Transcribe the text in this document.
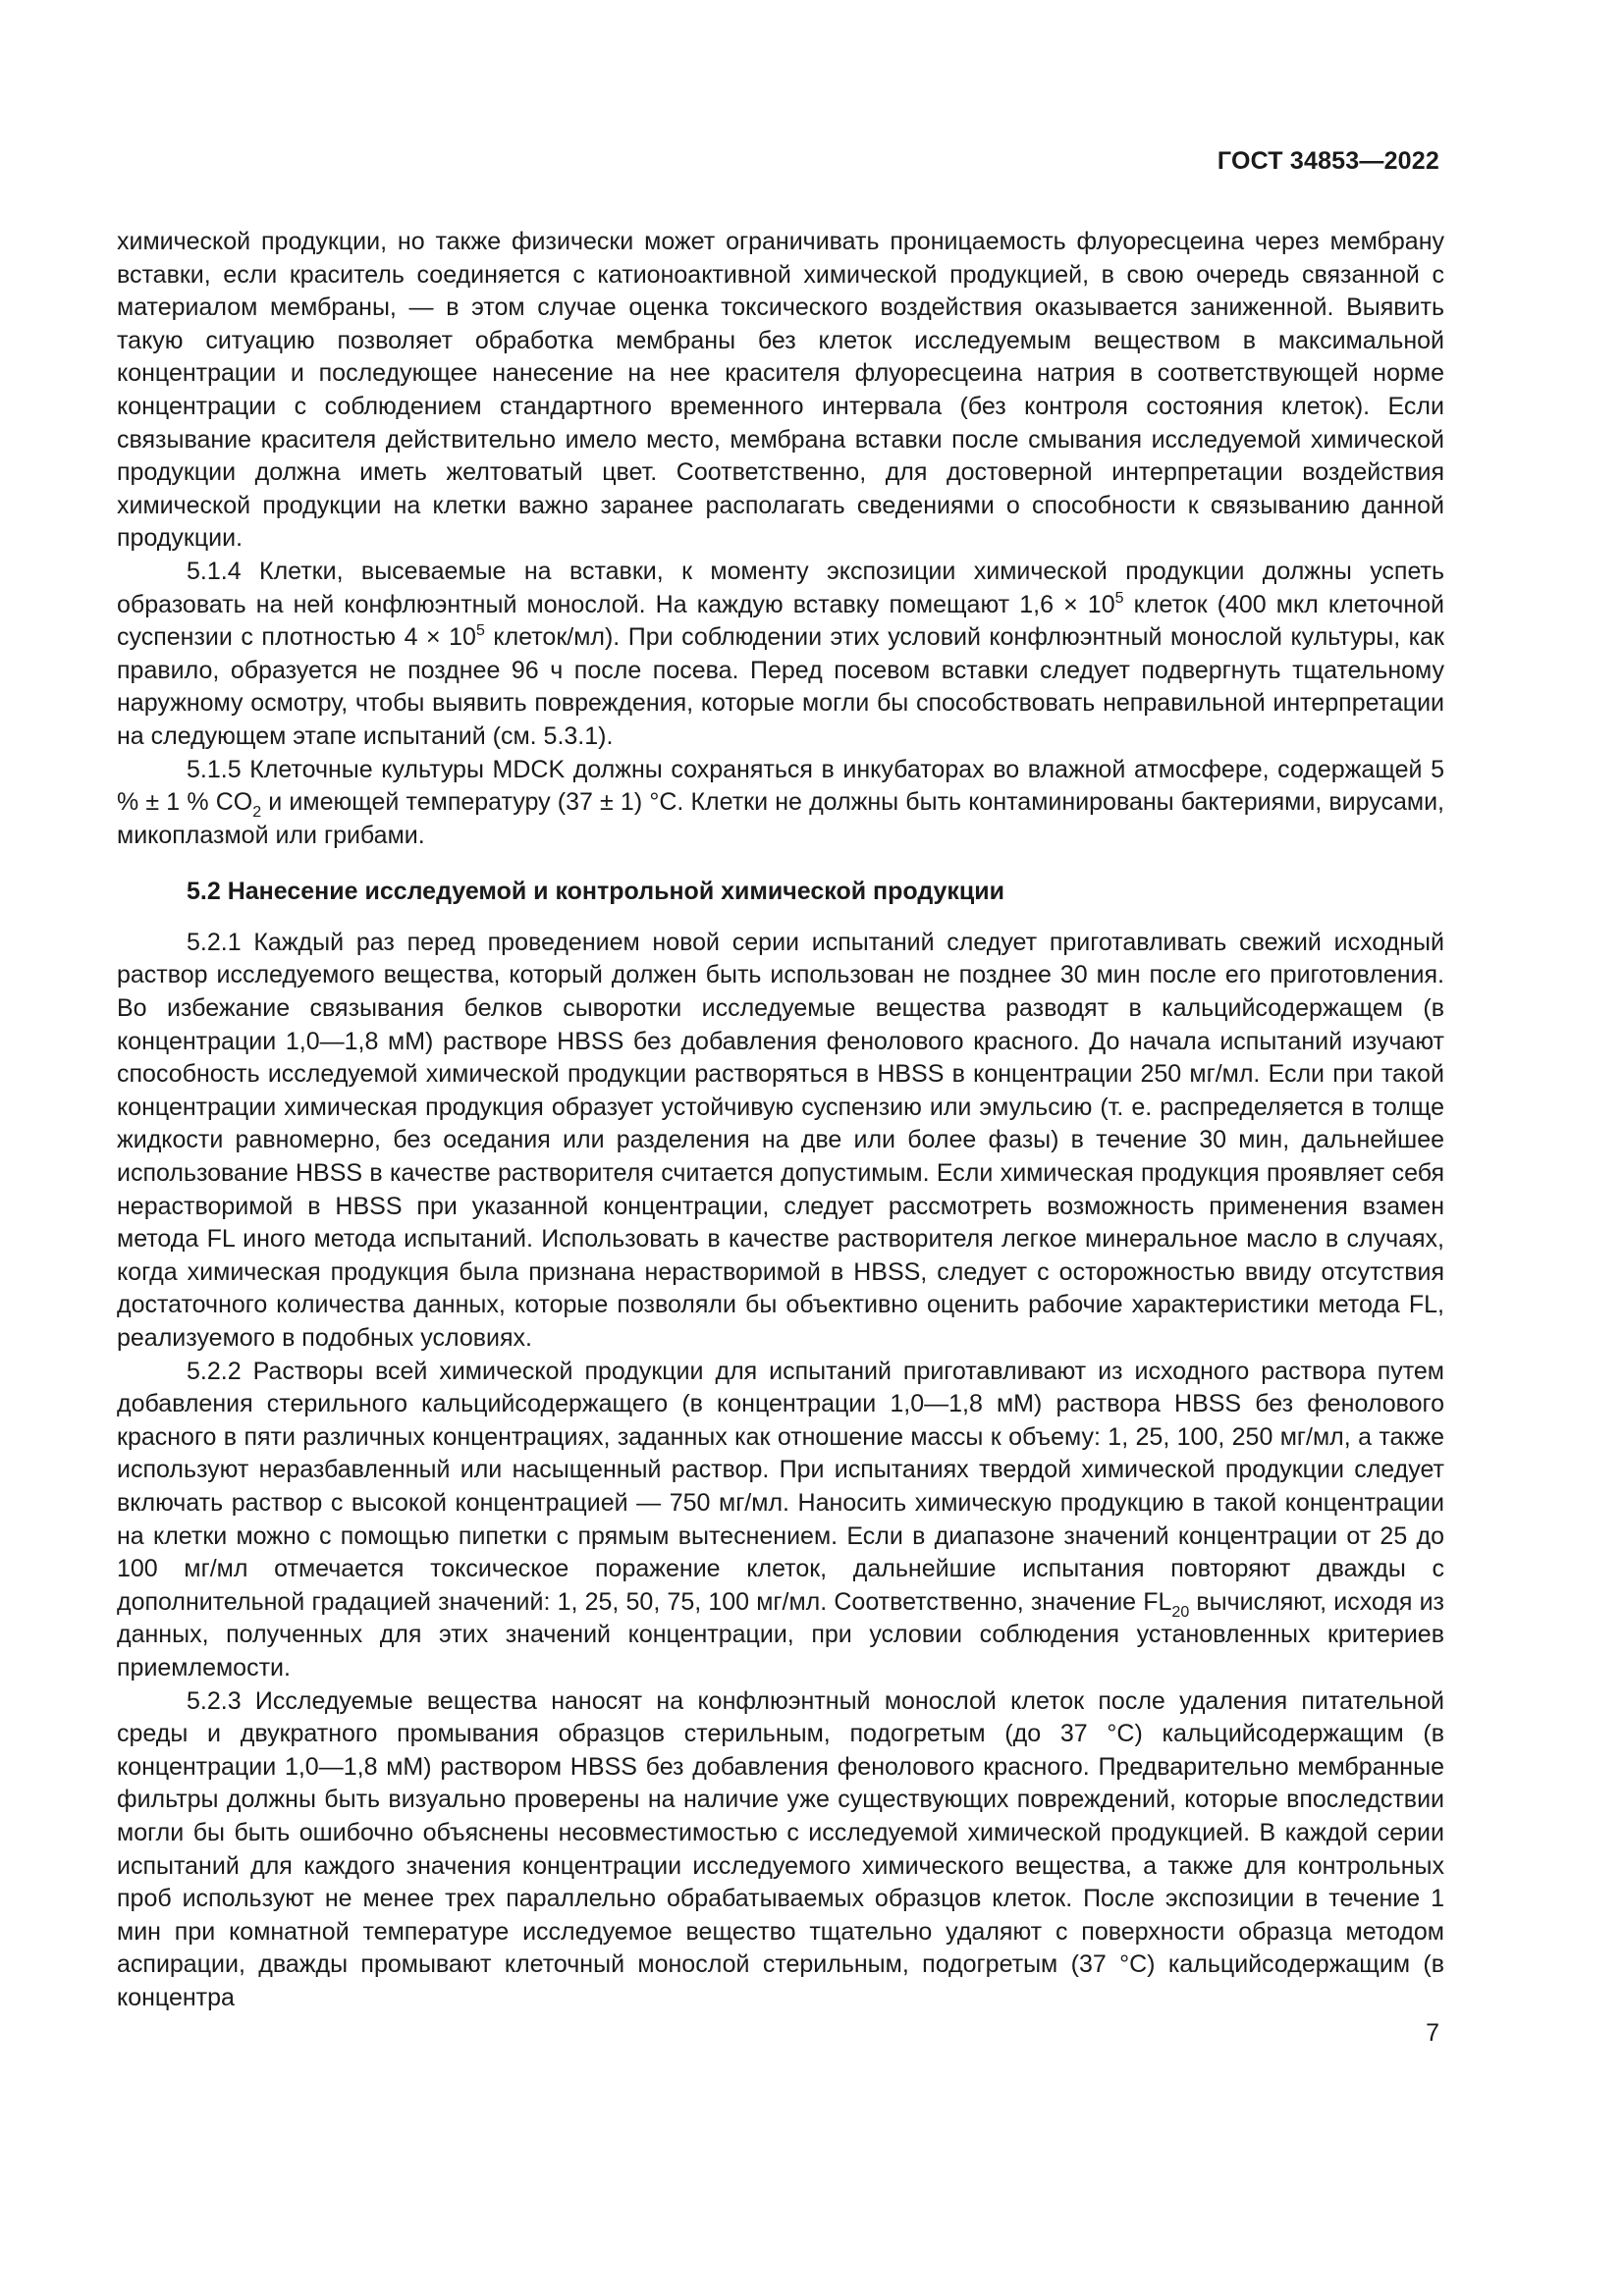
ГОСТ 34853—2022

химической продукции, но также физически может ограничивать проницаемость флуоресцеина через мембрану вставки, если краситель соединяется с катионоактивной химической продукцией, в свою очередь связанной с материалом мембраны, — в этом случае оценка токсического воздействия оказывается заниженной. Выявить такую ситуацию позволяет обработка мембраны без клеток исследуемым веществом в максимальной концентрации и последующее нанесение на нее красителя флуоресцеина натрия в соответствующей норме концентрации с соблюдением стандартного временного интервала (без контроля состояния клеток). Если связывание красителя действительно имело место, мембрана вставки после смывания исследуемой химической продукции должна иметь желтоватый цвет. Соответственно, для достоверной интерпретации воздействия химической продукции на клетки важно заранее располагать сведениями о способности к связыванию данной продукции.

5.1.4 Клетки, высеваемые на вставки, к моменту экспозиции химической продукции должны успеть образовать на ней конфлюэнтный монослой. На каждую вставку помещают $1,6 \times 10^5$ клеток (400 мкл клеточной суспензии с плотностью $4 \times 10^5$ клеток/мл). При соблюдении этих условий конфлюэнтный монослой культуры, как правило, образуется не позднее 96 ч после посева. Перед посевом вставки следует подвергнуть тщательному наружному осмотру, чтобы выявить повреждения, которые могли бы способствовать неправильной интерпретации на следующем этапе испытаний (см. 5.3.1).

5.1.5 Клеточные культуры MDCK должны сохраняться в инкубаторах во влажной атмосфере, содержащей 5 % ± 1 % $CO_2$ и имеющей температуру (37 ± 1) °C. Клетки не должны быть контаминированы бактериями, вирусами, микоплазмой или грибами.

5.2 Нанесение исследуемой и контрольной химической продукции

5.2.1 Каждый раз перед проведением новой серии испытаний следует приготавливать свежий исходный раствор исследуемого вещества, который должен быть использован не позднее 30 мин после его приготовления. Во избежание связывания белков сыворотки исследуемые вещества разводят в кальцийсодержащем (в концентрации 1,0—1,8 мМ) растворе HBSS без добавления фенолового красного. До начала испытаний изучают способность исследуемой химической продукции растворяться в HBSS в концентрации 250 мг/мл. Если при такой концентрации химическая продукция образует устойчивую суспензию или эмульсию (т. е. распределяется в толще жидкости равномерно, без оседания или разделения на две или более фазы) в течение 30 мин, дальнейшее использование HBSS в качестве растворителя считается допустимым. Если химическая продукция проявляет себя нерастворимой в HBSS при указанной концентрации, следует рассмотреть возможность применения взамен метода FL иного метода испытаний. Использовать в качестве растворителя легкое минеральное масло в случаях, когда химическая продукция была признана нерастворимой в HBSS, следует с осторожностью ввиду отсутствия достаточного количества данных, которые позволяли бы объективно оценить рабочие характеристики метода FL, реализуемого в подобных условиях.

5.2.2 Растворы всей химической продукции для испытаний приготавливают из исходного раствора путем добавления стерильного кальцийсодержащего (в концентрации 1,0—1,8 мМ) раствора HBSS без фенолового красного в пяти различных концентрациях, заданных как отношение массы к объему: 1, 25, 100, 250 мг/мл, а также используют неразбавленный или насыщенный раствор. При испытаниях твердой химической продукции следует включать раствор с высокой концентрацией — 750 мг/мл. Наносить химическую продукцию в такой концентрации на клетки можно с помощью пипетки с прямым вытеснением. Если в диапазоне значений концентрации от 25 до 100 мг/мл отмечается токсическое поражение клеток, дальнейшие испытания повторяют дважды с дополнительной градацией значений: 1, 25, 50, 75, 100 мг/мл. Соответственно, значение $FL_{20}$ вычисляют, исходя из данных, полученных для этих значений концентрации, при условии соблюдения установленных критериев приемлемости.

5.2.3 Исследуемые вещества наносят на конфлюэнтный монослой клеток после удаления питательной среды и двукратного промывания образцов стерильным, подогретым (до 37 °C) кальцийсодержащим (в концентрации 1,0—1,8 мМ) раствором HBSS без добавления фенолового красного. Предварительно мембранные фильтры должны быть визуально проверены на наличие уже существующих повреждений, которые впоследствии могли бы быть ошибочно объяснены несовместимостью с исследуемой химической продукцией. В каждой серии испытаний для каждого значения концентрации исследуемого химического вещества, а также для контрольных проб используют не менее трех параллельно обрабатываемых образцов клеток. После экспозиции в течение 1 мин при комнатной температуре исследуемое вещество тщательно удаляют с поверхности образца методом аспирации, дважды промывают клеточный монослой стерильным, подогретым (37 °C) кальцийсодержащим (в концентра

7
